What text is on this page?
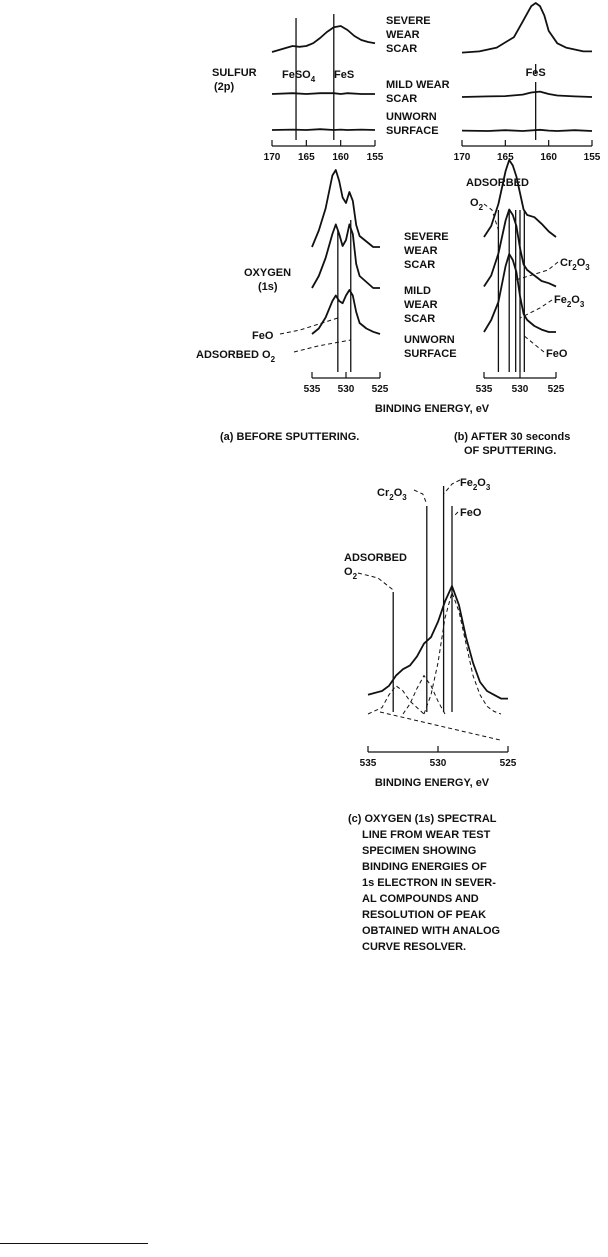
170 165 160 155
FeSO$_4$ FeS
SULFUR
(2p)
170	165	160	155
FeS
SEVERE
WEAR
SCAR
MILD WEAR
SCAR
UNWORN
SURFACE
535 530 525
OXYGEN
(1s)
FeO
ADSORBED $O_2$
SEVERE
WEAR
SCAR
MILD
WEAR
SCAR
UNWORN
SURFACE
535 530 525
ADSORBED
$O_2$
$Cr_2O_3$
$Fe_2O_3$
FeO
BINDING ENERGY, eV
(a) BEFORE SPUTTERING.	(b) AFTER 30 seconds
OF SPUTTERING.
535	530	525
BINDING ENERGY, eV
ADSORBED
$O_2$
$Cr_2O_3$
$Fe_2O_3$
FeO
(c) OXYGEN (1s) SPECTRAL
LINE FROM WEAR TEST
SPECIMEN SHOWING
BINDING ENERGIES OF
1s ELECTRON IN SEVER-
AL COMPOUNDS AND
RESOLUTION OF PEAK
OBTAINED WITH ANALOG
CURVE RESOLVER.
